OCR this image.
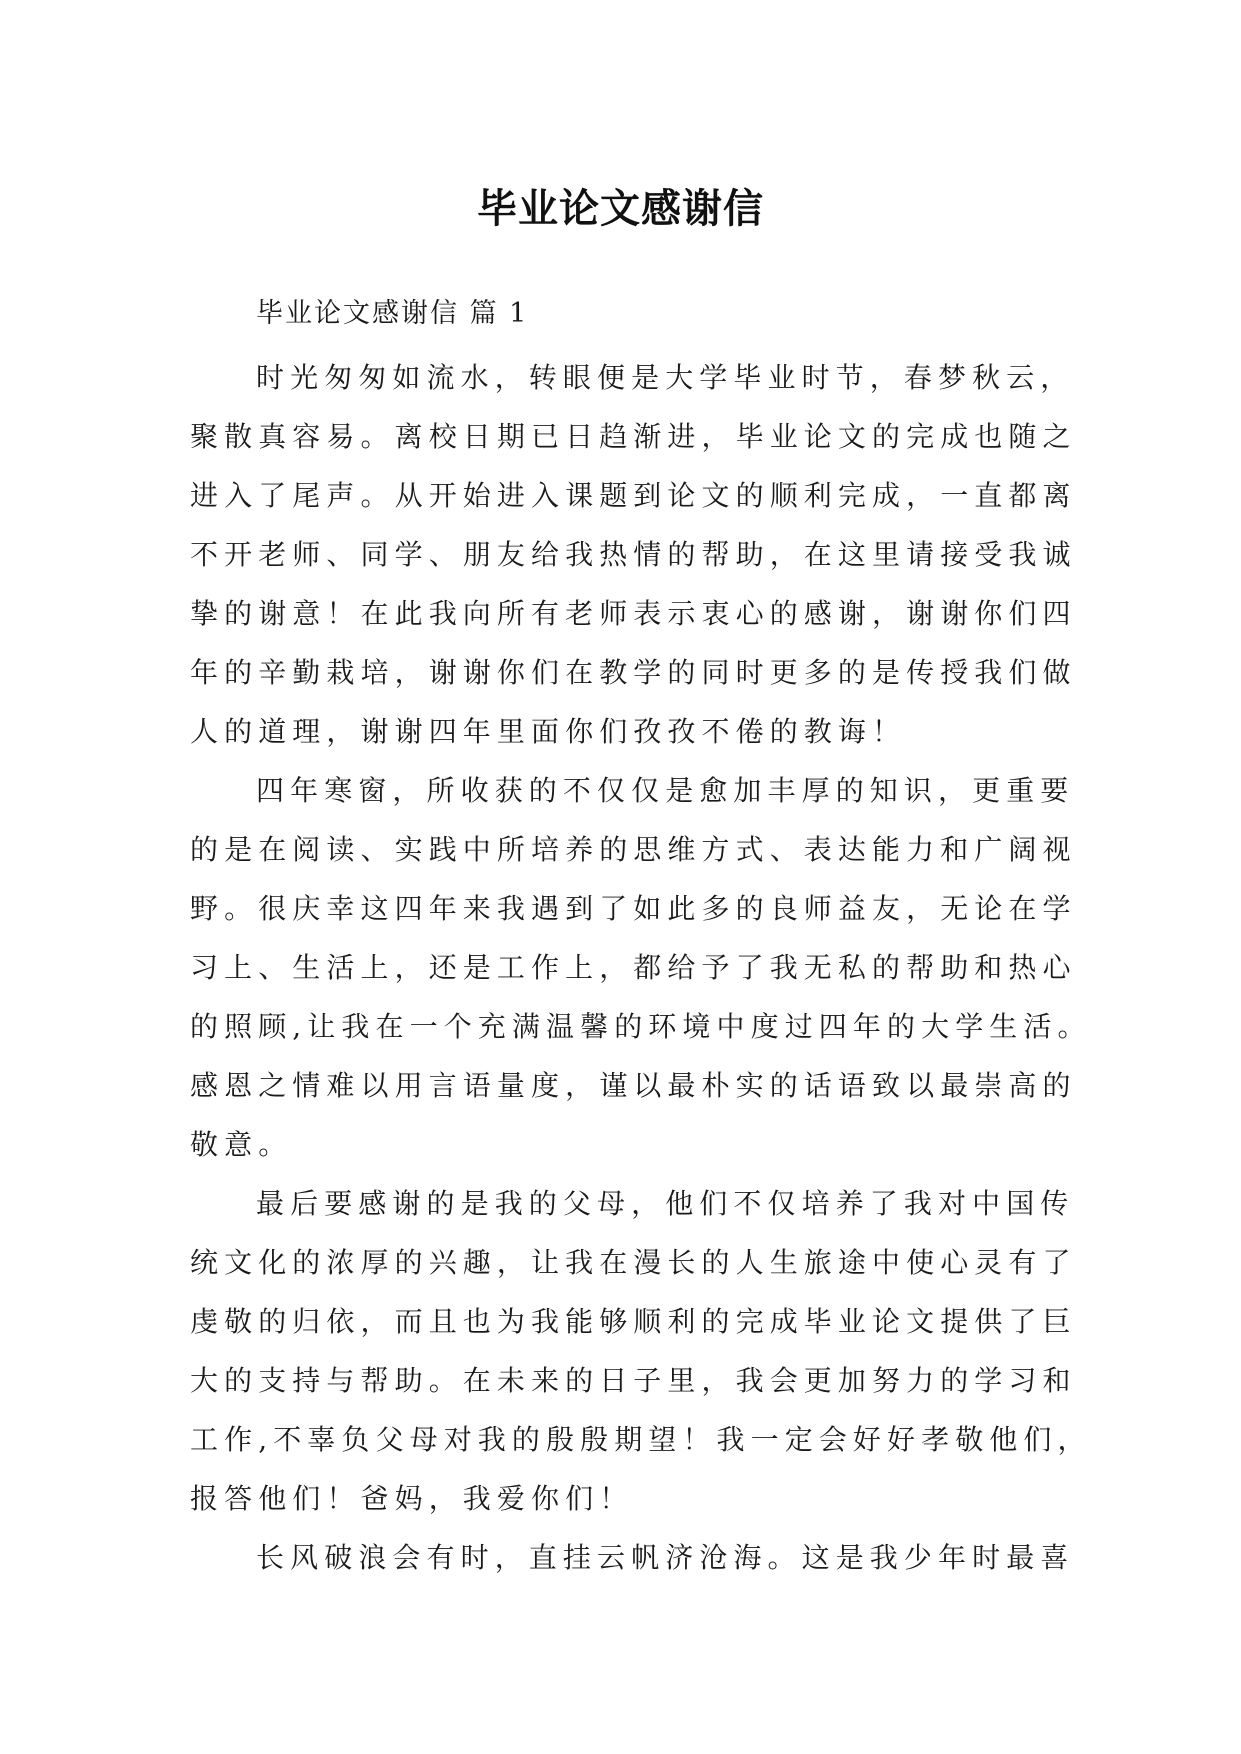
毕业论文感谢信
毕业论文感谢信 篇 1
时光匆匆如流水，转眼便是大学毕业时节，春梦秋云，
聚散真容易。离校日期已日趋渐进，毕业论文的完成也随之
进入了尾声。从开始进入课题到论文的顺利完成，一直都离
不开老师、同学、朋友给我热情的帮助，在这里请接受我诚
挚的谢意！在此我向所有老师表示衷心的感谢，谢谢你们四
年的辛勤栽培，谢谢你们在教学的同时更多的是传授我们做
人的道理，谢谢四年里面你们孜孜不倦的教诲！
四年寒窗，所收获的不仅仅是愈加丰厚的知识，更重要
的是在阅读、实践中所培养的思维方式、表达能力和广阔视
野。很庆幸这四年来我遇到了如此多的良师益友，无论在学
习上、生活上，还是工作上，都给予了我无私的帮助和热心
的照顾,让我在一个充满温馨的环境中度过四年的大学生活。
感恩之情难以用言语量度，谨以最朴实的话语致以最崇高的
敬意。
最后要感谢的是我的父母，他们不仅培养了我对中国传
统文化的浓厚的兴趣，让我在漫长的人生旅途中使心灵有了
虔敬的归依，而且也为我能够顺利的完成毕业论文提供了巨
大的支持与帮助。在未来的日子里，我会更加努力的学习和
工作,不辜负父母对我的殷殷期望！我一定会好好孝敬他们，
报答他们！爸妈，我爱你们！
长风破浪会有时，直挂云帆济沧海。这是我少年时最喜
